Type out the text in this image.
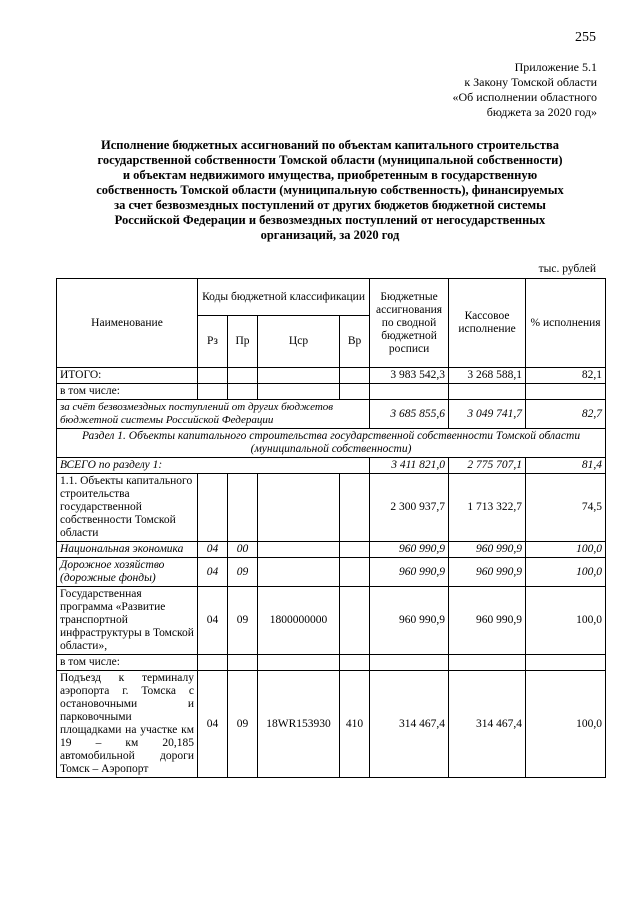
255
Приложение 5.1
к Закону Томской области
«Об исполнении областного
бюджета за 2020 год»
Исполнение бюджетных ассигнований по объектам капитального строительства
государственной собственности Томской области (муниципальной собственности)
и объектам недвижимого имущества, приобретенным в государственную
собственность Томской области (муниципальную собственность), финансируемых
за счет безвозмездных поступлений от других бюджетов бюджетной системы
Российской Федерации и безвозмездных поступлений от негосударственных
организаций, за 2020 год
тыс. рублей
Наименование	Коды бюджетной классификации				Бюджетные ассигнования по сводной бюджетной росписи	Кассовое исполнение	% исполнения
	Рз	Пр	Цср	Вр			
ИТОГО:					3 983 542,3	3 268 588,1	82,1
в том числе:							
за счёт безвозмездных поступлений от других бюджетов бюджетной системы Российской Федерации					3 685 855,6	3 049 741,7	82,7
Раздел 1. Объекты капитального строительства государственной собственности Томской области (муниципальной собственности)							
ВСЕГО по разделу 1:					3 411 821,0	2 775 707,1	81,4
1.1. Объекты капитального строительства государственной собственности Томской области					2 300 937,7	1 713 322,7	74,5
Национальная экономика	04	00			960 990,9	960 990,9	100,0
Дорожное хозяйство (дорожные фонды)	04	09			960 990,9	960 990,9	100,0
Государственная программа «Развитие транспортной инфраструктуры в Томской области»,	04	09	1800000000		960 990,9	960 990,9	100,0
в том числе:							
Подъезд к терминалу аэропорта г. Томска с остановочными и парковочными площадками на участке км 19 – км 20,185 автомобильной дороги Томск – Аэропорт	04	09	18WR153930	410	314 467,4	314 467,4	100,0
